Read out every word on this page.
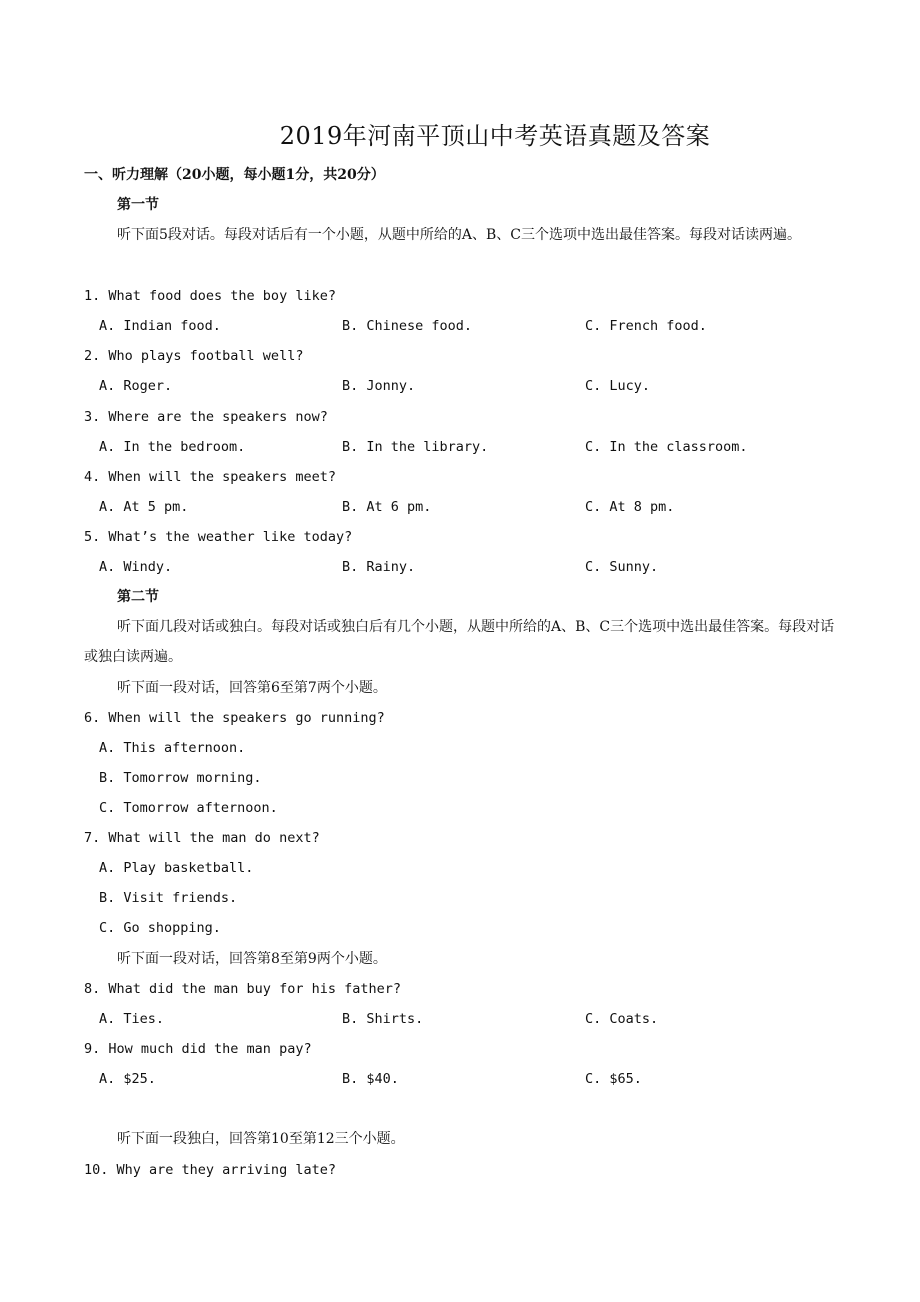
2019年河南平顶山中考英语真题及答案
一、听力理解（20小题，每小题1分，共20分）
第一节
听下面5段对话。每段对话后有一个小题，从题中所给的A、B、C三个选项中选出最佳答案。每段对话读两遍。
1. What food does the boy like?
A. Indian food.	B. Chinese food.	C. French food.
2. Who plays football well?
A. Roger.	B. Jonny.	C. Lucy.
3. Where are the speakers now?
A. In the bedroom.	B. In the library.	C. In the classroom.
4. When will the speakers meet?
A. At 5 pm.	B. At 6 pm.	C. At 8 pm.
5. What’s the weather like today?
A. Windy.	B. Rainy.	C. Sunny.
第二节
听下面几段对话或独白。每段对话或独白后有几个小题，从题中所给的A、B、C三个选项中选出最佳答案。每段对话或独白读两遍。
听下面一段对话，回答第6至第7两个小题。
6. When will the speakers go running?
A. This afternoon.
B. Tomorrow morning.
C. Tomorrow afternoon.
7. What will the man do next?
A. Play basketball.
B. Visit friends.
C. Go shopping.
听下面一段对话，回答第8至第9两个小题。
8. What did the man buy for his father?
A. Ties.	B. Shirts.	C. Coats.
9. How much did the man pay?
A. $25.	B. $40.	C. $65.
听下面一段独白，回答第10至第12三个小题。
10. Why are they arriving late?
